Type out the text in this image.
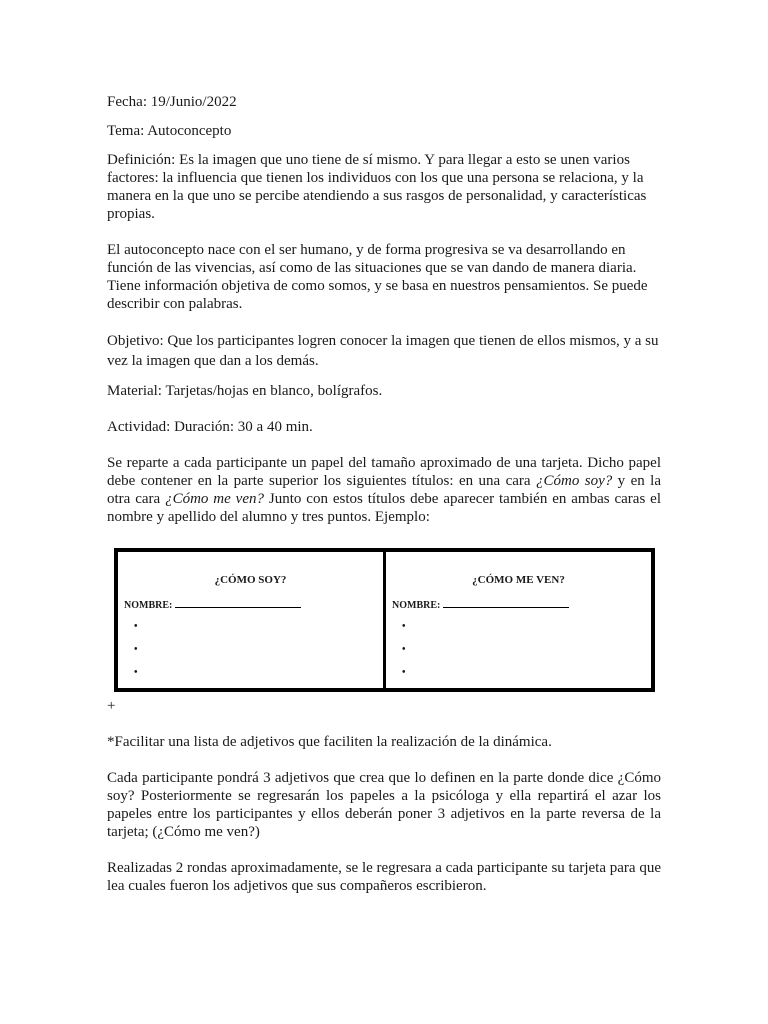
Fecha: 19/Junio/2022

Tema: Autoconcepto

Definición: Es la imagen que uno tiene de sí mismo. Y para llegar a esto se unen varios factores: la influencia que tienen los individuos con los que una persona se relaciona, y la manera en la que uno se percibe atendiendo a sus rasgos de personalidad, y características propias.

El autoconcepto nace con el ser humano, y de forma progresiva se va desarrollando en función de las vivencias, así como de las situaciones que se van dando de manera diaria. Tiene información objetiva de como somos, y se basa en nuestros pensamientos. Se puede describir con palabras.

Objetivo: Que los participantes logren conocer la imagen que tienen de ellos mismos, y a su vez la imagen que dan a los demás.

Material: Tarjetas/hojas en blanco, bolígrafos.

Actividad: Duración: 30 a 40 min.

Se reparte a cada participante un papel del tamaño aproximado de una tarjeta. Dicho papel debe contener en la parte superior los siguientes títulos: en una cara ¿Cómo soy? y en la otra cara ¿Cómo me ven? Junto con estos títulos debe aparecer también en ambas caras el nombre y apellido del alumno y tres puntos. Ejemplo:

+

*Facilitar una lista de adjetivos que faciliten la realización de la dinámica.

Cada participante pondrá 3 adjetivos que crea que lo definen en la parte donde dice ¿Cómo soy? Posteriormente se regresarán los papeles a la psicóloga y ella repartirá el azar los papeles entre los participantes y ellos deberán poner 3 adjetivos en la parte reversa de la tarjeta; (¿Cómo me ven?)

Realizadas 2 rondas aproximadamente, se le regresara a cada participante su tarjeta para que lea cuales fueron los adjetivos que sus compañeros escribieron.

¿CÓMO SOY?
NOMBRE:
•
•
•
¿CÓMO ME VEN?
NOMBRE:
•
•
•
